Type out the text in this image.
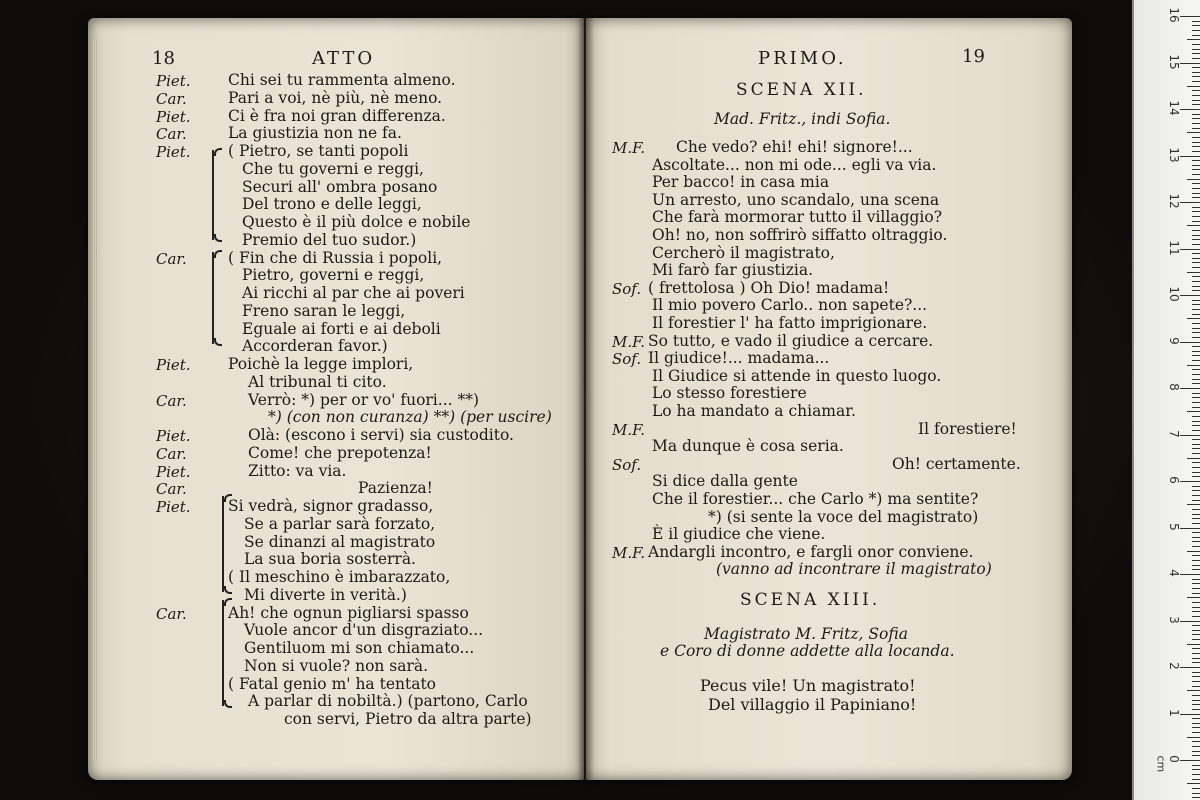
18	ATTO
Piet. Chi sei tu rammenta almeno.
Car.	Pari a voi, nè più, nè meno.
Piet. Ci è fra noi gran differenza.
Car.	La giustizia non ne fa.
Piet. ( Pietro, se tanti popoli
Che tu governi e reggi,
Securi all' ombra posano
Del trono e delle leggi,
Questo è il più dolce e nobile
Premio del tuo sudor.)
Car.	( Fin che di Russia i popoli,
Pietro, governi e reggi,
Ai ricchi al par che ai poveri
Freno saran le leggi,
Eguale ai forti e ai deboli
Accorderan favor.)
Piet. Poichè la legge implori,
Al tribunal ti cito.
Car.	Verrò: *) per or vo' fuori... **)
*) (con non curanza) **) (per uscire)
Piet.	Olà: (escono i servi) sia custodito.
Car.	Come! che prepotenza!
Piet.	Zitto: va via.
Car.	Pazienza!
Piet. Si vedrà, signor gradasso,
Se a parlar sarà forzato,
Se dinanzi al magistrato
La sua boria sosterrà.
( Il meschino è imbarazzato,
Mi diverte in verità.)
Car.	Ah! che ognun pigliarsi spasso
Vuole ancor d'un disgraziato...
Gentiluom mi son chiamato...
Non si vuole? non sarà.
( Fatal genio m' ha tentato
A parlar di nobiltà.) (partono, Carlo
con servi, Pietro da altra parte)
PRIMO.	19
SCENA XII.
Mad. Fritz., indi Sofia.
M.F. Che vedo? ehi! ehi! signore!...
Ascoltate... non mi ode... egli va via.
Per bacco! in casa mia
Un arresto, uno scandalo, una scena
Che farà mormorar tutto il villaggio?
Oh! no, non soffrirò siffatto oltraggio.
Cercherò il magistrato,
Mi farò far giustizia.
Sof. ( frettolosa ) Oh Dio! madama!
Il mio povero Carlo.. non sapete?...
Il forestier l' ha fatto imprigionare.
M.F. So tutto, e vado il giudice a cercare.
Sof. Il giudice!... madama...
Il Giudice si attende in questo luogo.
Lo stesso forestiere
Lo ha mandato a chiamar.
M.F.	Il forestiere!
Ma dunque è cosa seria.
Sof.	Oh! certamente.
Si dice dalla gente
Che il forestier... che Carlo *) ma sentite?
*) (si sente la voce del magistrato)
È il giudice che viene.
M.F. Andargli incontro, e fargli onor conviene.
(vanno ad incontrare il magistrato)
SCENA XIII.
Magistrato M. Fritz, Sofia
e Coro di donne addette alla locanda.
Pecus vile! Un magistrato!
Del villaggio il Papiniano!
16
15
14
13
12
11
10
9
8
7
6
5
4
3
2
1
0
cm
